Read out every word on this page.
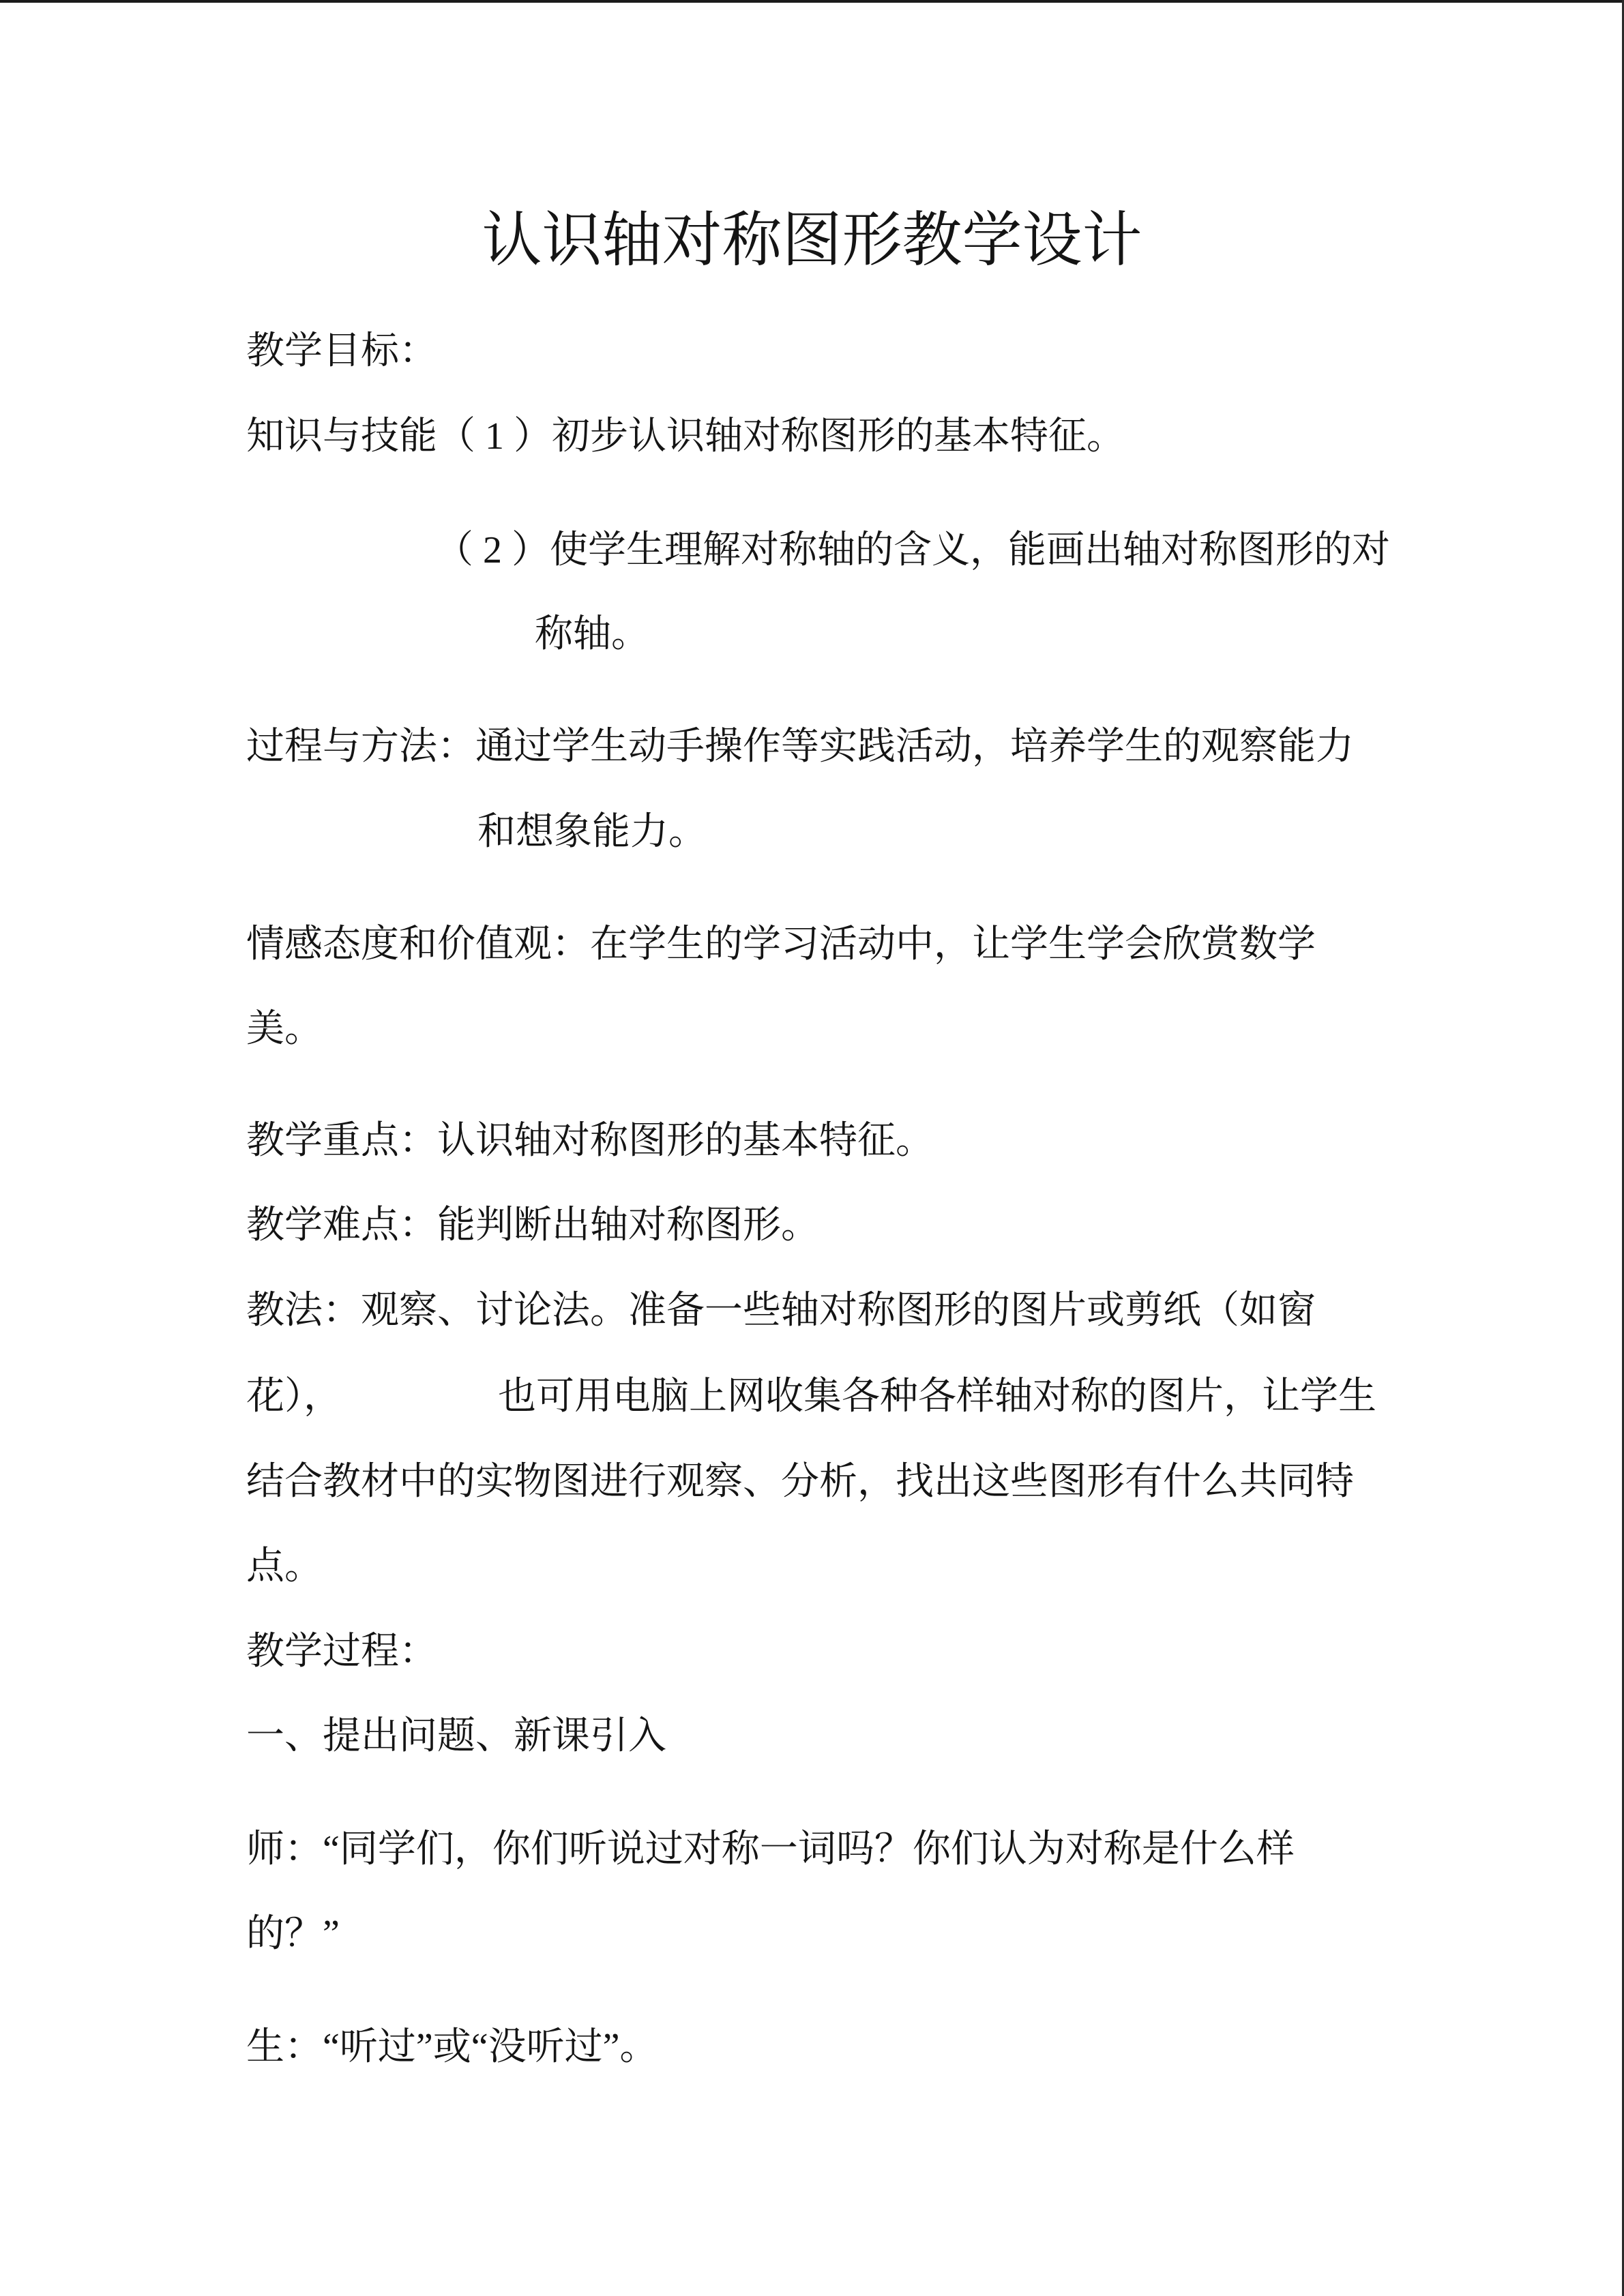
认识轴对称图形教学设计
教学目标：
知识与技能（ 1 ）初步认识轴对称图形的基本特征。
（ 2 ）使学生理解对称轴的含义，能画出轴对称图形的对
称轴。
过程与方法：通过学生动手操作等实践活动，培养学生的观察能力
和想象能力。
情感态度和价值观：在学生的学习活动中，让学生学会欣赏数学
美。
教学重点：认识轴对称图形的基本特征。
教学难点：能判断出轴对称图形。
教法：观察、讨论法。准备一些轴对称图形的图片或剪纸（如窗
花），	也可用电脑上网收集各种各样轴对称的图片，让学生
结合教材中的实物图进行观察、分析，找出这些图形有什么共同特
点。
教学过程：
一、提出问题、新课引入
师：“同学们，你们听说过对称一词吗？你们认为对称是什么样
的？”
生：“听过”或“没听过”。
